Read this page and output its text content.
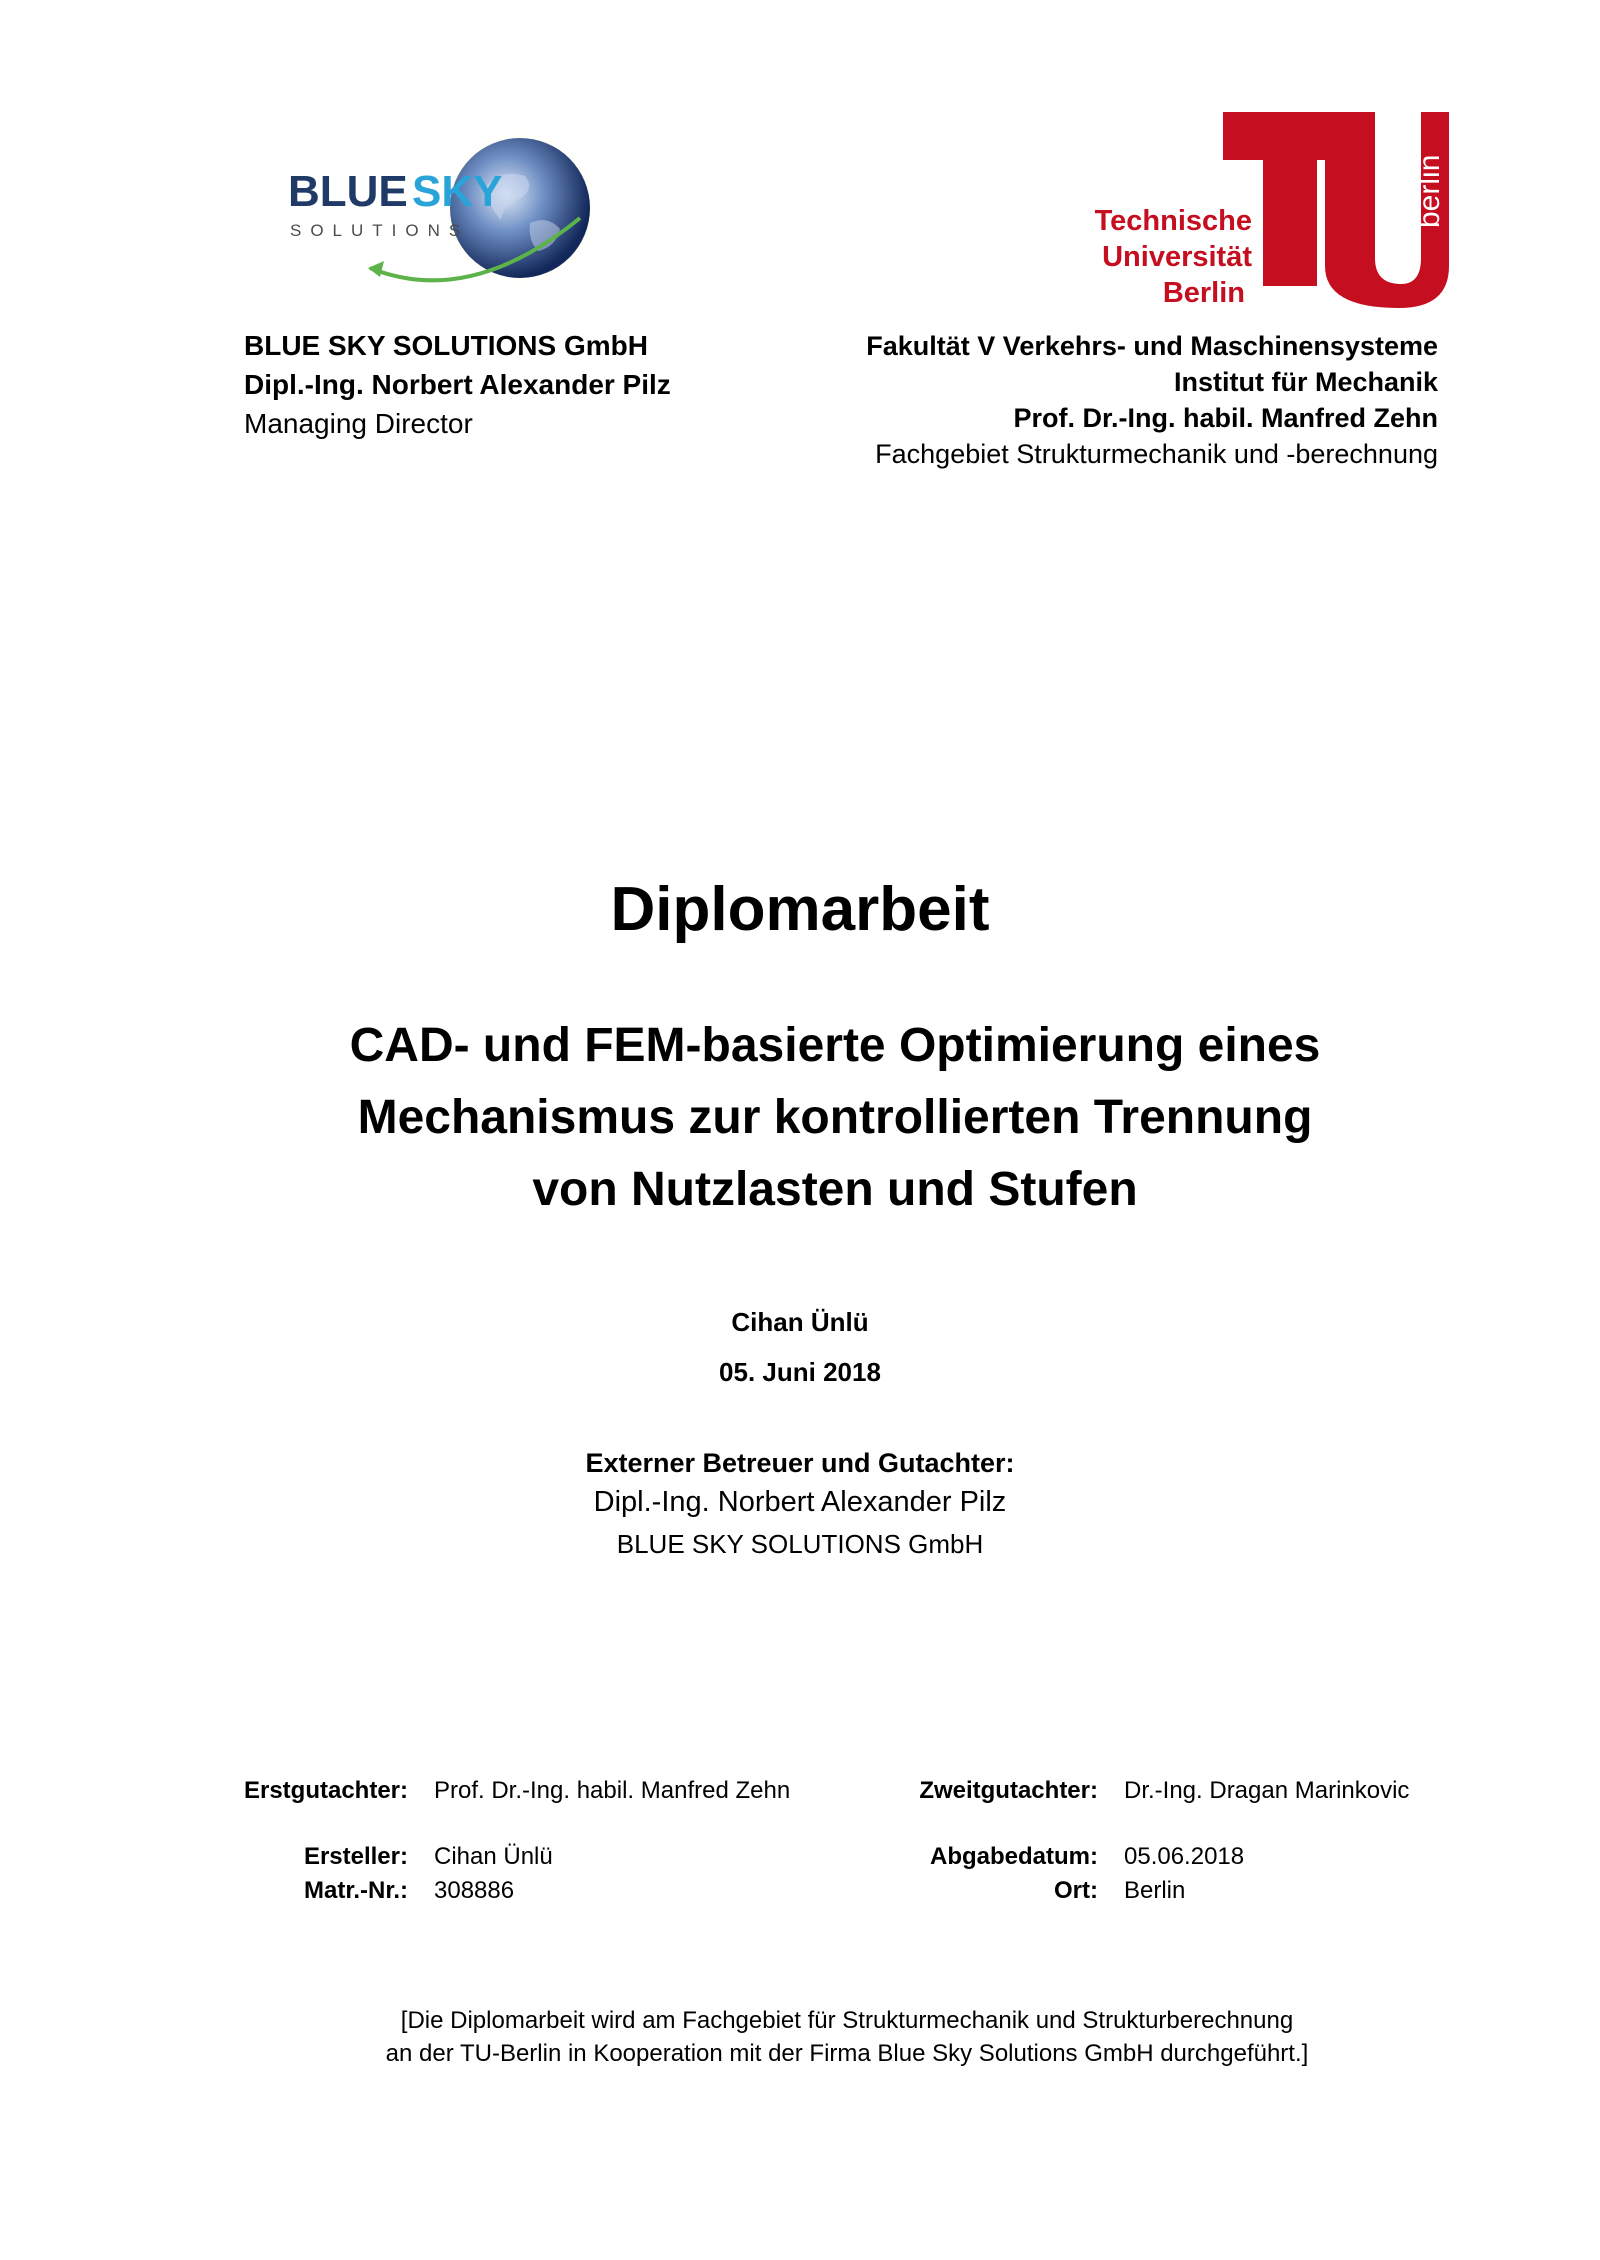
BLUE SKY
SOLUTIONS
berlin
Technische
Universität
Berlin
BLUE SKY SOLUTIONS GmbH
Dipl.-Ing. Norbert Alexander Pilz
Managing Director
Fakultät V Verkehrs- und Maschinensysteme
Institut für Mechanik
Prof. Dr.-Ing. habil. Manfred Zehn
Fachgebiet Strukturmechanik und -berechnung
Diplomarbeit
CAD- und FEM-basierte Optimierung eines
Mechanismus zur kontrollierten Trennung
von Nutzlasten und Stufen
Cihan Ünlü
05. Juni 2018
Externer Betreuer und Gutachter:
Dipl.-Ing. Norbert Alexander Pilz
BLUE SKY SOLUTIONS GmbH
Erstgutachter: Prof. Dr.-Ing. habil. Manfred Zehn	Zweitgutachter: Dr.-Ing. Dragan Marinkovic
Ersteller: Cihan Ünlü	Abgabedatum: 05.06.2018
Matr.-Nr.: 308886	Ort: Berlin
[Die Diplomarbeit wird am Fachgebiet für Strukturmechanik und Strukturberechnung
an der TU-Berlin in Kooperation mit der Firma Blue Sky Solutions GmbH durchgeführt.]
